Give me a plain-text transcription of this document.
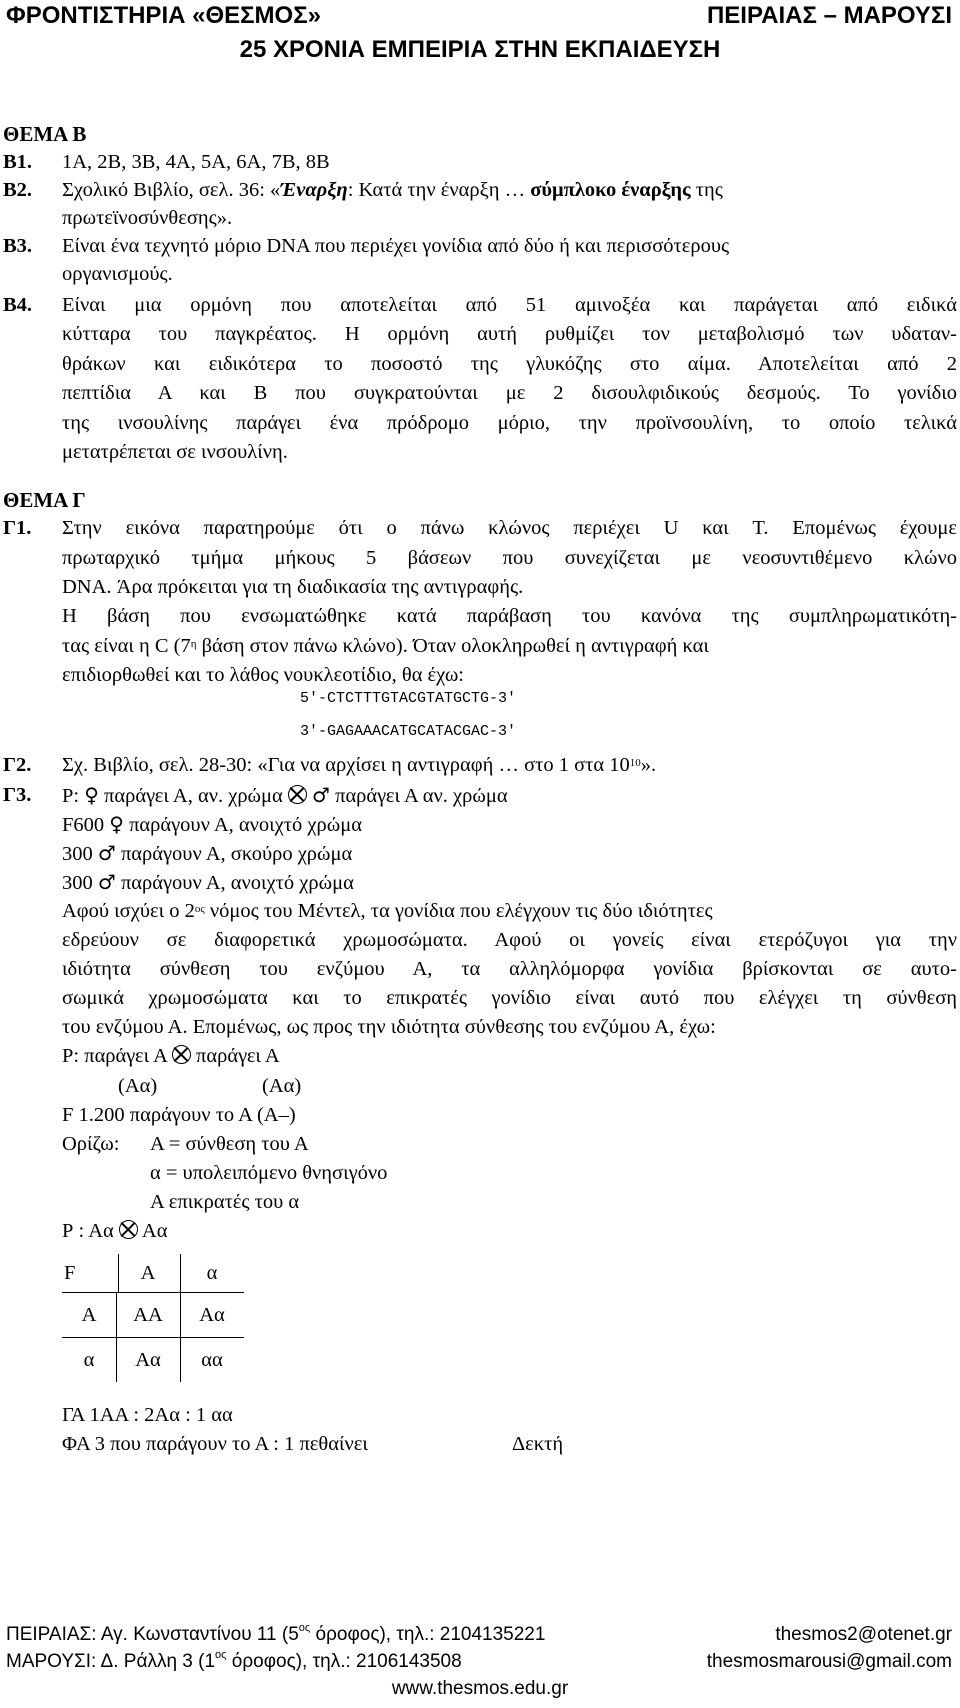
ΦΡΟΝΤΙΣΤΗΡΙΑ «ΘΕΣΜΟΣ»	ΠΕΙΡΑΙΑΣ – ΜΑΡΟΥΣΙ
25 ΧΡΟΝΙΑ ΕΜΠΕΙΡΙΑ ΣΤΗΝ ΕΚΠΑΙΔΕΥΣΗ
ΘΕΜΑ Β
Β1. 1Α, 2Β, 3Β, 4Α, 5Α, 6Α, 7Β, 8Β
Β2. Σχολικό Βιβλίο, σελ. 36: «Έναρξη: Κατά την έναρξη … σύμπλοκο έναρξης της
πρωτεϊνοσύνθεσης».
Β3. Είναι ένα τεχνητό μόριο DNA που περιέχει γονίδια από δύο ή και περισσότερους
οργανισμούς.
Β4. Είναι μια ορμόνη που αποτελείται από 51 αμινοξέα και παράγεται από ειδικά
κύτταρα του παγκρέατος. Η ορμόνη αυτή ρυθμίζει τον μεταβολισμό των υδαταν-
θράκων και ειδικότερα το ποσοστό της γλυκόζης στο αίμα. Αποτελείται από 2
πεπτίδια Α και Β που συγκρατούνται με 2 δισουλφιδικούς δεσμούς. Το γονίδιο
της ινσουλίνης παράγει ένα πρόδρομο μόριο, την προϊνσουλίνη, το οποίο τελικά
μετατρέπεται σε ινσουλίνη.
ΘΕΜΑ Γ
Γ1. Στην εικόνα παρατηρούμε ότι ο πάνω κλώνος περιέχει U και T. Επομένως έχουμε
πρωταρχικό τμήμα μήκους 5 βάσεων που συνεχίζεται με νεοσυντιθέμενο κλώνο
DNA. Άρα πρόκειται για τη διαδικασία της αντιγραφής.
Η βάση που ενσωματώθηκε κατά παράβαση του κανόνα της συμπληρωματικότη-
τας είναι η C ($7^\eta$ βάση στον πάνω κλώνο). Όταν ολοκληρωθεί η αντιγραφή και
επιδιορθωθεί και το λάθος νουκλεοτίδιο, θα έχω:
5′-CTCTTTGTACGTATGCTG-3′
3′-GAGAAACATGCATACGAC-3′
Γ2. Σχ. Βιβλίο, σελ. 28-30: «Για να αρχίσει η αντιγραφή … στο 1 στα $10^{10}$».
Γ3. Ρ: ♀ παράγει Α, αν. χρώμα  ♂ παράγει Α αν. χρώμα
F600 ♀ παράγουν Α, ανοιχτό χρώμα
300 ♂ παράγουν Α, σκούρο χρώμα
300 ♂ παράγουν Α, ανοιχτό χρώμα
Αφού ισχύει ο $2^{o\varsigma}$ νόμος του Μέντελ, τα γονίδια που ελέγχουν τις δύο ιδιότητες
εδρεύουν σε διαφορετικά χρωμοσώματα. Αφού οι γονείς είναι ετερόζυγοι για την
ιδιότητα σύνθεση του ενζύμου Α, τα αλληλόμορφα γονίδια βρίσκονται σε αυτο-
σωμικά χρωμοσώματα και το επικρατές γονίδιο είναι αυτό που ελέγχει τη σύνθεση
του ενζύμου Α. Επομένως, ως προς την ιδιότητα σύνθεσης του ενζύμου Α, έχω:
Ρ: παράγει Α  παράγει Α
(Αα)	(Αα)
F 1.200 παράγουν το Α (Α‒)
Ορίζω: Α = σύνθεση του Α
α = υπολειπόμενο θνησιγόνο
Α επικρατές του α
Ρ : Αα  Αα
F	Α	α
Α	ΑΑ	Αα
α	Αα	αα
ΓΑ 1ΑΑ : 2Αα : 1 αα
ΦΑ 3 που παράγουν το Α : 1 πεθαίνει	Δεκτή
ΠΕΙΡΑΙΑΣ: Αγ. Κωνσταντίνου 11 ($5^{o\varsigma}$ όροφος), τηλ.: 2104135221	thesmos2@otenet.gr
ΜΑΡΟΥΣΙ: Δ. Ράλλη 3 ($1^{o\varsigma}$ όροφος), τηλ.: 2106143508	thesmosmarousi@gmail.com
www.thesmos.edu.gr
